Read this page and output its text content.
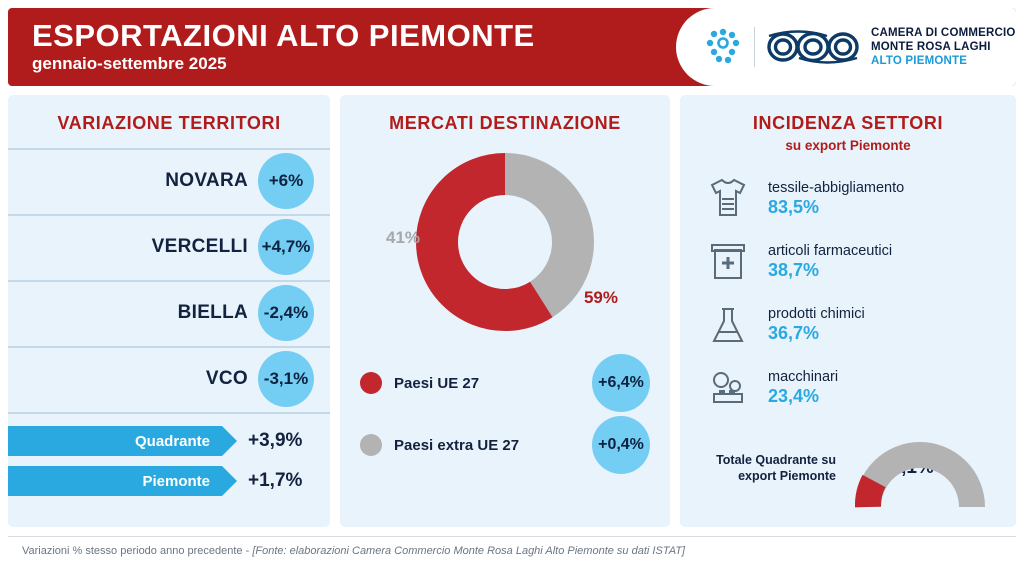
ESPORTAZIONI ALTO PIEMONTE
gennaio-settembre 2025
CAMERA DI COMMERCIO
MONTE ROSA LAGHI
ALTO PIEMONTE
VARIAZIONE TERRITORI
NOVARA	+6%
VERCELLI +4,7%
BIELLA -2,4%
VCO -3,1%
Quadrante	+3,9%
Piemonte	+1,7%
MERCATI DESTINAZIONE
41%
59%
Paesi UE 27	+6,4%
Paesi extra UE 27	+0,4%
INCIDENZA SETTORI
su export Piemonte
tessile-abbigliamento
83,5%
articoli farmaceutici
38,7%
prodotti chimici
36,7%
macchinari
23,4%
Totale Quadrante su export Piemonte 21,1%
Variazioni % stesso periodo anno precedente - [Fonte: elaborazioni Camera Commercio Monte Rosa Laghi Alto Piemonte su dati ISTAT]
